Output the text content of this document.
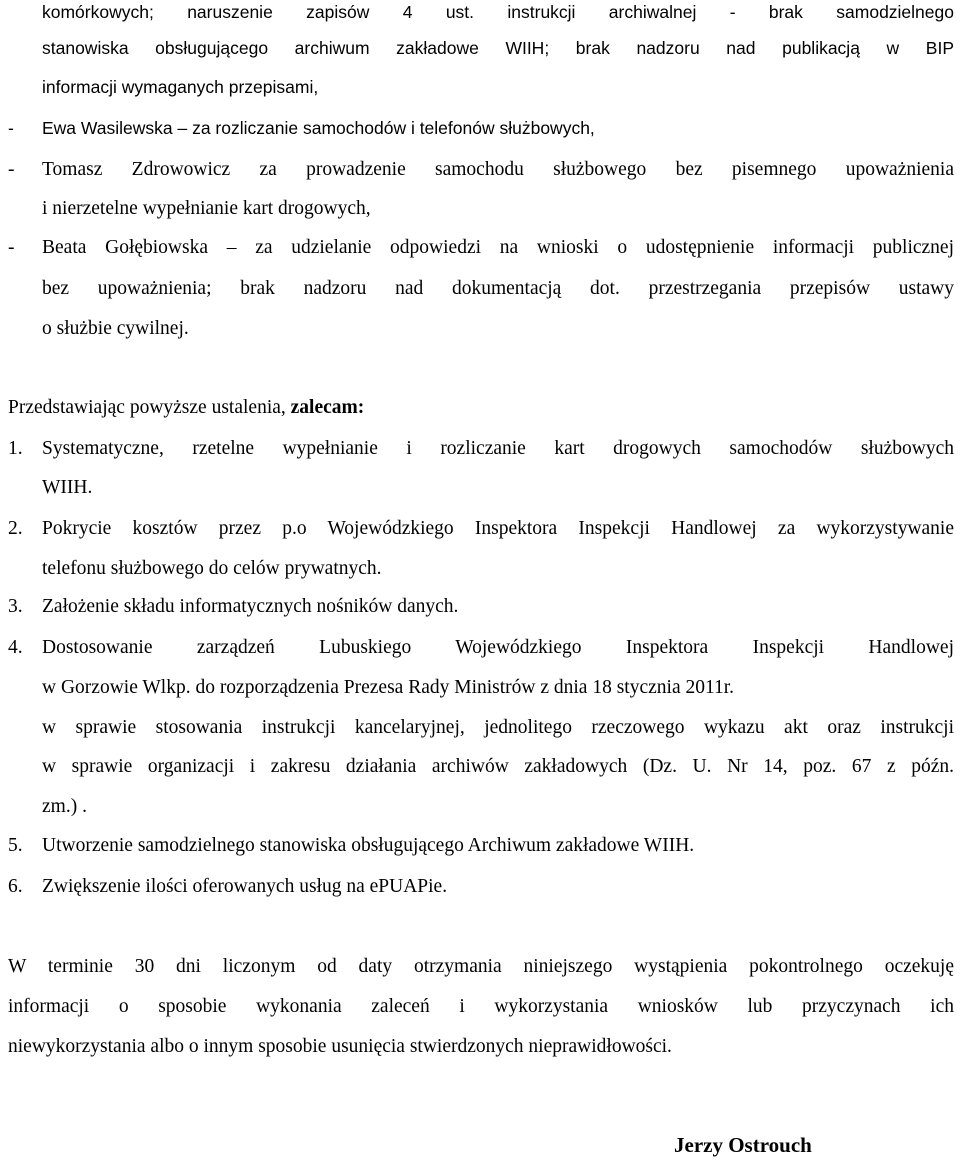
komórkowych; naruszenie zapisów 4 ust. instrukcji archiwalnej - brak samodzielnego
stanowiska obsługującego archiwum zakładowe WIIH; brak nadzoru nad publikacją w BIP
informacji wymaganych przepisami,
-	Ewa Wasilewska – za rozliczanie samochodów i telefonów służbowych,
-	Tomasz Zdrowowicz za prowadzenie samochodu służbowego bez pisemnego upoważnienia
i nierzetelne wypełnianie kart drogowych,
-	Beata Gołębiowska – za udzielanie odpowiedzi na wnioski o udostępnienie informacji publicznej
bez upoważnienia; brak nadzoru nad dokumentacją dot. przestrzegania przepisów ustawy
o służbie cywilnej.
Przedstawiając powyższe ustalenia, zalecam:
1. Systematyczne, rzetelne wypełnianie i rozliczanie kart drogowych samochodów służbowych
WIIH.
2. Pokrycie kosztów przez p.o Wojewódzkiego Inspektora Inspekcji Handlowej za wykorzystywanie
telefonu służbowego do celów prywatnych.
3. Założenie składu informatycznych nośników danych.
4. Dostosowanie zarządzeń Lubuskiego Wojewódzkiego Inspektora Inspekcji Handlowej
w Gorzowie Wlkp. do rozporządzenia Prezesa Rady Ministrów z dnia 18 stycznia 2011r.
w sprawie stosowania instrukcji kancelaryjnej, jednolitego rzeczowego wykazu akt oraz instrukcji
w sprawie organizacji i zakresu działania archiwów zakładowych (Dz. U. Nr 14, poz. 67 z późn.
zm.) .
5. Utworzenie samodzielnego stanowiska obsługującego Archiwum zakładowe WIIH.
6. Zwiększenie ilości oferowanych usług na ePUAPie.
W terminie 30 dni liczonym od daty otrzymania niniejszego wystąpienia pokontrolnego oczekuję
informacji o sposobie wykonania zaleceń i wykorzystania wniosków lub przyczynach ich
niewykorzystania albo o innym sposobie usunięcia stwierdzonych nieprawidłowości.
Jerzy Ostrouch
